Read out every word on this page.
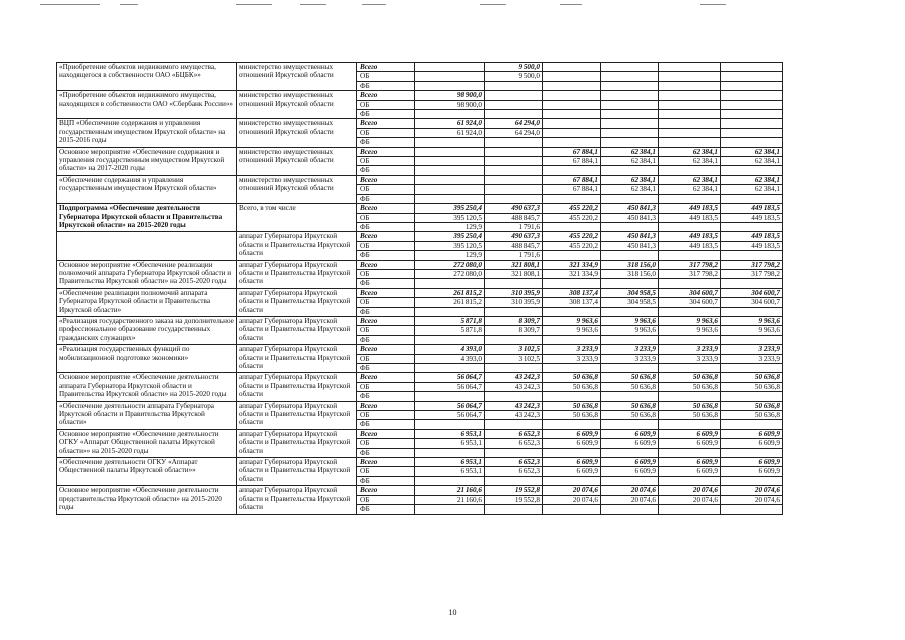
«Приобретение объектов недвижимого имущества, находящегося в собственности ОАО «БЦБК»»	министерство имущественных отношений Иркутской области	Всего		9 500,0				
		ОБ		9 500,0				
		ФБ						
«Приобретение объектов недвижимого имущества, находящихся в собственности ОАО «Сбербанк России»»	министерство имущественных отношений Иркутской области	Всего	98 900,0					
		ОБ	98 900,0					
		ФБ						
ВЦП «Обеспечение содержания и управления государственным имуществом Иркутской области» на 2015-2016 годы	министерство имущественных отношений Иркутской области	Всего	61 924,0	64 294,0				
		ОБ	61 924,0	64 294,0				
		ФБ						
Основное мероприятие «Обеспечение содержания и управления государственным имуществом Иркутской области» на 2017-2020 годы	министерство имущественных отношений Иркутской области	Всего			67 884,1	62 384,1	62 384,1	62 384,1
		ОБ			67 884,1	62 384,1	62 384,1	62 384,1
		ФБ						
«Обеспечение содержания и управления государственным имуществом Иркутской области»	министерство имущественных отношений Иркутской области	Всего			67 884,1	62 384,1	62 384,1	62 384,1
		ОБ			67 884,1	62 384,1	62 384,1	62 384,1
		ФБ						
Подпрограмма «Обеспечение деятельности Губернатора Иркутской области и Правительства Иркутской области» на 2015-2020 годы	Всего, в том числе	Всего	395 250,4	490 637,3	455 220,2	450 841,3	449 183,5	449 183,5
		ОБ	395 120,5	488 845,7	455 220,2	450 841,3	449 183,5	449 183,5
		ФБ	129,9	1 791,6				
	аппарат Губернатора Иркутской области и Правительства Иркутской области	Всего	395 250,4	490 637,3	455 220,2	450 841,3	449 183,5	449 183,5
		ОБ	395 120,5	488 845,7	455 220,2	450 841,3	449 183,5	449 183,5
		ФБ	129,9	1 791,6				
Основное мероприятие «Обеспечение реализации полномочий аппарата Губернатора Иркутской области и Правительства Иркутской области» на 2015-2020 годы	аппарат Губернатора Иркутской области и Правительства Иркутской области	Всего	272 080,0	321 808,1	321 334,9	318 156,0	317 798,2	317 798,2
		ОБ	272 080,0	321 808,1	321 334,9	318 156,0	317 798,2	317 798,2
		ФБ						
«Обеспечение реализации полномочий аппарата Губернатора Иркутской области и Правительства Иркутской области»	аппарат Губернатора Иркутской области и Правительства Иркутской области	Всего	261 815,2	310 395,9	308 137,4	304 958,5	304 600,7	304 600,7
		ОБ	261 815,2	310 395,9	308 137,4	304 958,5	304 600,7	304 600,7
		ФБ						
«Реализация государственного заказа на дополнительное профессиональное образование государственных гражданских служащих»	аппарат Губернатора Иркутской области и Правительства Иркутской области	Всего	5 871,8	8 309,7	9 963,6	9 963,6	9 963,6	9 963,6
		ОБ	5 871,8	8 309,7	9 963,6	9 963,6	9 963,6	9 963,6
		ФБ						
«Реализация государственных функций по мобилизационной подготовке экономики»	аппарат Губернатора Иркутской области и Правительства Иркутской области	Всего	4 393,0	3 102,5	3 233,9	3 233,9	3 233,9	3 233,9
		ОБ	4 393,0	3 102,5	3 233,9	3 233,9	3 233,9	3 233,9
		ФБ						
Основное мероприятие «Обеспечение деятельности аппарата Губернатора Иркутской области и Правительства Иркутской области» на 2015-2020 годы	аппарат Губернатора Иркутской области и Правительства Иркутской области	Всего	56 064,7	43 242,3	50 636,8	50 636,8	50 636,8	50 636,8
		ОБ	56 064,7	43 242,3	50 636,8	50 636,8	50 636,8	50 636,8
		ФБ						
«Обеспечение деятельности аппарата Губернатора Иркутской области и Правительства Иркутской области»	аппарат Губернатора Иркутской области и Правительства Иркутской области	Всего	56 064,7	43 242,3	50 636,8	50 636,8	50 636,8	50 636,8
		ОБ	56 064,7	43 242,3	50 636,8	50 636,8	50 636,8	50 636,8
		ФБ						
Основное мероприятие «Обеспечение деятельности ОГКУ «Аппарат Общественной палаты Иркутской области»» на 2015-2020 годы	аппарат Губернатора Иркутской области и Правительства Иркутской области	Всего	6 953,1	6 652,3	6 609,9	6 609,9	6 609,9	6 609,9
		ОБ	6 953,1	6 652,3	6 609,9	6 609,9	6 609,9	6 609,9
		ФБ						
«Обеспечение деятельности ОГКУ «Аппарат Общественной палаты Иркутской области»»	аппарат Губернатора Иркутской области и Правительства Иркутской области	Всего	6 953,1	6 652,3	6 609,9	6 609,9	6 609,9	6 609,9
		ОБ	6 953,1	6 652,3	6 609,9	6 609,9	6 609,9	6 609,9
		ФБ						
Основное мероприятие «Обеспечение деятельности представительства Иркутской области» на 2015-2020 годы	аппарат Губернатора Иркутской области и Правительства Иркутской области	Всего	21 160,6	19 552,8	20 074,6	20 074,6	20 074,6	20 074,6
		ОБ	21 160,6	19 552,8	20 074,6	20 074,6	20 074,6	20 074,6
		ФБ						
10
